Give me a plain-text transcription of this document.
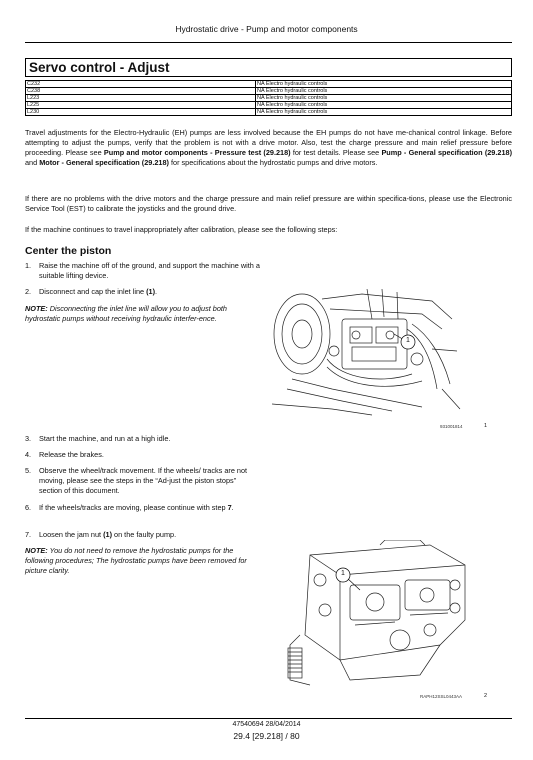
Hydrostatic drive - Pump and motor components
Servo control - Adjust
C232	NA Electro hydraulic controls
C238	NA Electro hydraulic controls
L223	NA Electro hydraulic controls
L225	NA Electro hydraulic controls
L230	NA Electro hydraulic controls

Travel adjustments for the Electro-Hydraulic (EH) pumps are less involved because the EH pumps do not have me-chanical control linkage. Before attempting to adjust the pumps, verify that the problem is not with a drive motor. Also, test the charge pressure and main relief pressure before proceeding. Please see Pump and motor components - Pressure test (29.218) for test details. Please see Pump - General specification (29.218) and Motor - General specification (29.218) for specifications about the hydrostatic pumps and drive motors.

If there are no problems with the drive motors and the charge pressure and main relief pressure are within specifica-tions, please use the Electronic Service Tool (EST) to calibrate the joysticks and the ground drive.

If the machine continues to travel inappropriately after calibration, please see the following steps:

Center the piston
1.	Raise the machine off of the ground, and support the machine with a suitable lifting device.
2.	Disconnect and cap the inlet line (1).

NOTE: Disconnecting the inlet line will allow you to adjust both hydrostatic pumps without receiving hydraulic interfer-ence.

3.	Start the machine, and run at a high idle.
4.	Release the brakes.
5.	Observe the wheel/track movement. If the wheels/ tracks are not moving, please see the steps in the “Ad-just the piston stops” section of this document.
6.	If the wheels/tracks are moving, please continue with step 7.
7.	Loosen the jam nut (1) on the faulty pump.

NOTE: You do not need to remove the hydrostatic pumps for the following procedures; The hydrostatic pumps have been removed for picture clarity.

1
931001814	1
1
RAPH12SSL0443AA	2
47540694 28/04/2014
29.4 [29.218] / 80
